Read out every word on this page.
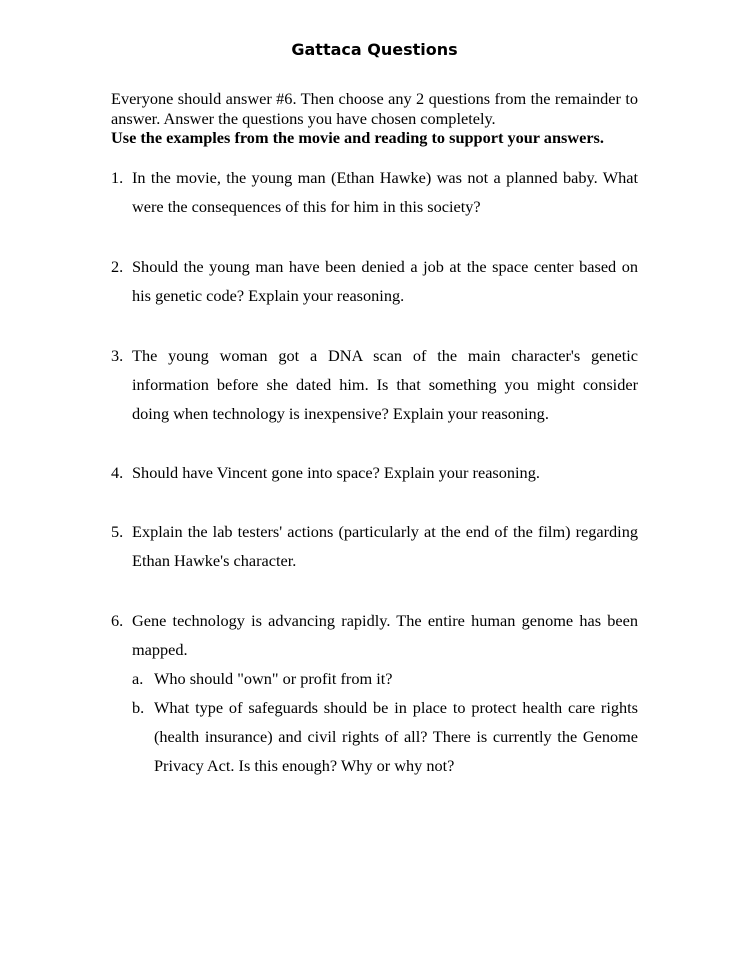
Gattaca Questions
Everyone should answer #6. Then choose any 2 questions from the remainder to answer. Answer the questions you have chosen completely.
Use the examples from the movie and reading to support your answers.
1. In the movie, the young man (Ethan Hawke) was not a planned baby. What were the consequences of this for him in this society?
2. Should the young man have been denied a job at the space center based on his genetic code? Explain your reasoning.
3. The young woman got a DNA scan of the main character's genetic information before she dated him. Is that something you might consider doing when technology is inexpensive? Explain your reasoning.
4. Should have Vincent gone into space? Explain your reasoning.
5. Explain the lab testers' actions (particularly at the end of the film) regarding Ethan Hawke's character.
6. Gene technology is advancing rapidly. The entire human genome has been mapped.
a. Who should "own" or profit from it?
b. What type of safeguards should be in place to protect health care rights (health insurance) and civil rights of all? There is currently the Genome Privacy Act. Is this enough? Why or why not?
